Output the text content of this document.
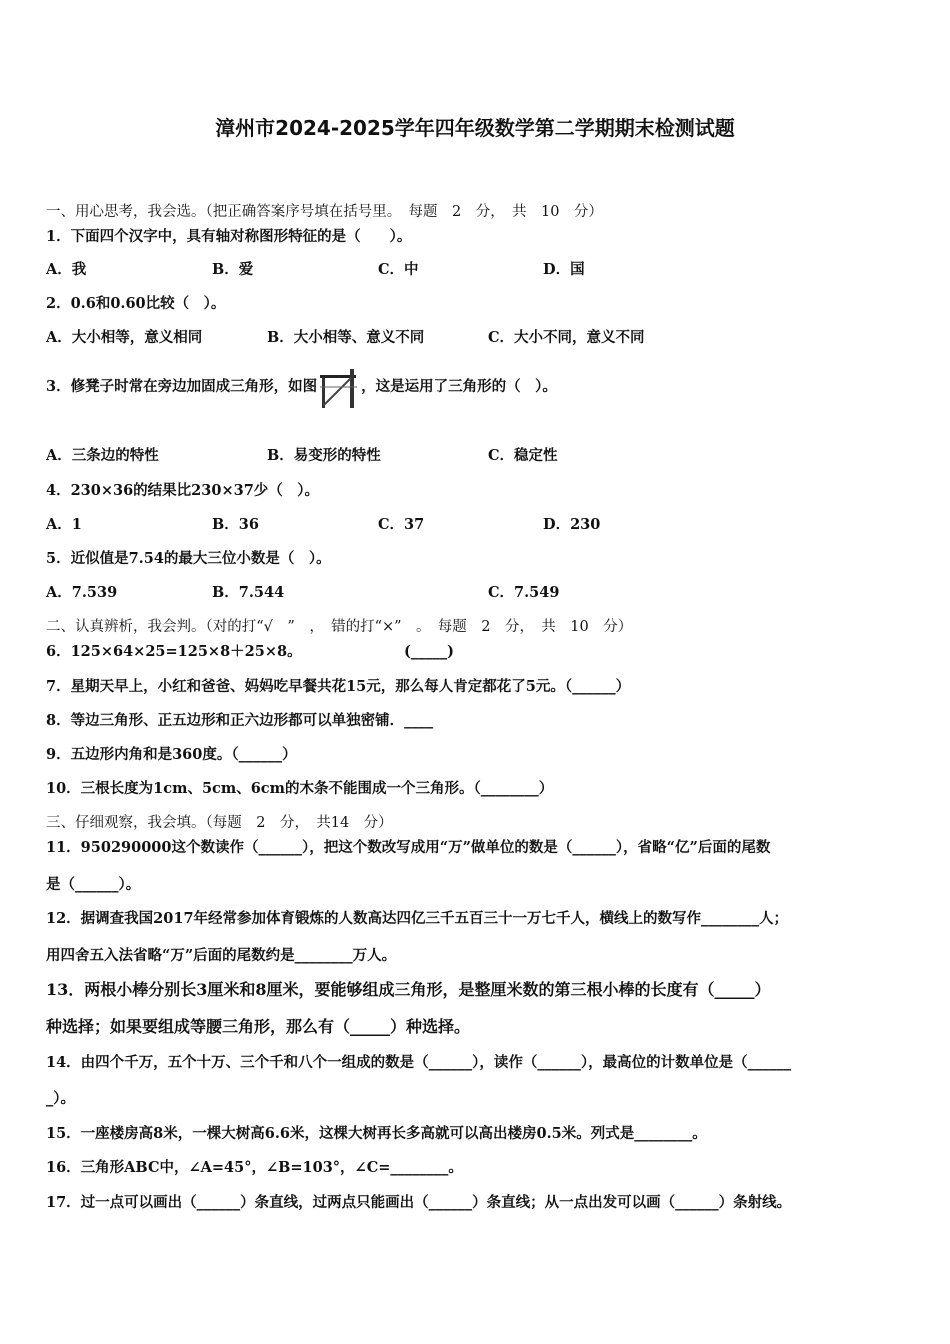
漳州市2024-2025学年四年级数学第二学期期末检测试题
一、用心思考，我会选。（把正确答案序号填在括号里。　每题　2　分，　共　10　分）
1．下面四个汉字中，具有轴对称图形特征的是（　　）。
A．我	B．爱	C．中	D．国
2．0.6和0.60比较（　）。
A．大小相等，意义相同	B．大小相等、意义不同	C．大小不同，意义不同
3．修凳子时常在旁边加固成三角形，如图	，这是运用了三角形的（　）。
A．三条边的特性	B．易变形的特性	C．稳定性
4．230×36的结果比230×37少（　）。
A．1	B．36	C．37	D．230
5．近似值是7.54的最大三位小数是（　）。
A．7.539	B．7.544	C．7.549
二、认真辨析，我会判。（对的打“√　”　，　错的打“×”　。　每题　2　分，　共　10　分）
6．125×64×25=125×8＋25×8。	(_____)
7．星期天早上，小红和爸爸、妈妈吃早餐共花15元，那么每人肯定都花了5元。（______）
8．等边三角形、正五边形和正六边形都可以单独密铺．____
9．五边形内角和是360度。（______）
10．三根长度为1cm、5cm、6cm的木条不能围成一个三角形。（________）
三、仔细观察，我会填。（每题　2　分，　共14　分）
11．950290000这个数读作（______），把这个数改写成用“万”做单位的数是（______），省略“亿”后面的尾数
是（______）。
12．据调查我国2017年经常参加体育锻炼的人数高达四亿三千五百三十一万七千人，横线上的数写作________人；
用四舍五入法省略“万”后面的尾数约是________万人。
13．两根小棒分别长3厘米和8厘米，要能够组成三角形，是整厘米数的第三根小棒的长度有（_____）
种选择；如果要组成等腰三角形，那么有（_____）种选择。
14．由四个千万，五个十万、三个千和八个一组成的数是（______），读作（______），最高位的计数单位是（______
_）。
15．一座楼房高8米，一棵大树高6.6米，这棵大树再长多高就可以高出楼房0.5米。列式是________。
16．三角形ABC中，∠A=45°，∠B=103°，∠C=________。
17．过一点可以画出（______）条直线，过两点只能画出（______）条直线；从一点出发可以画（______）条射线。
